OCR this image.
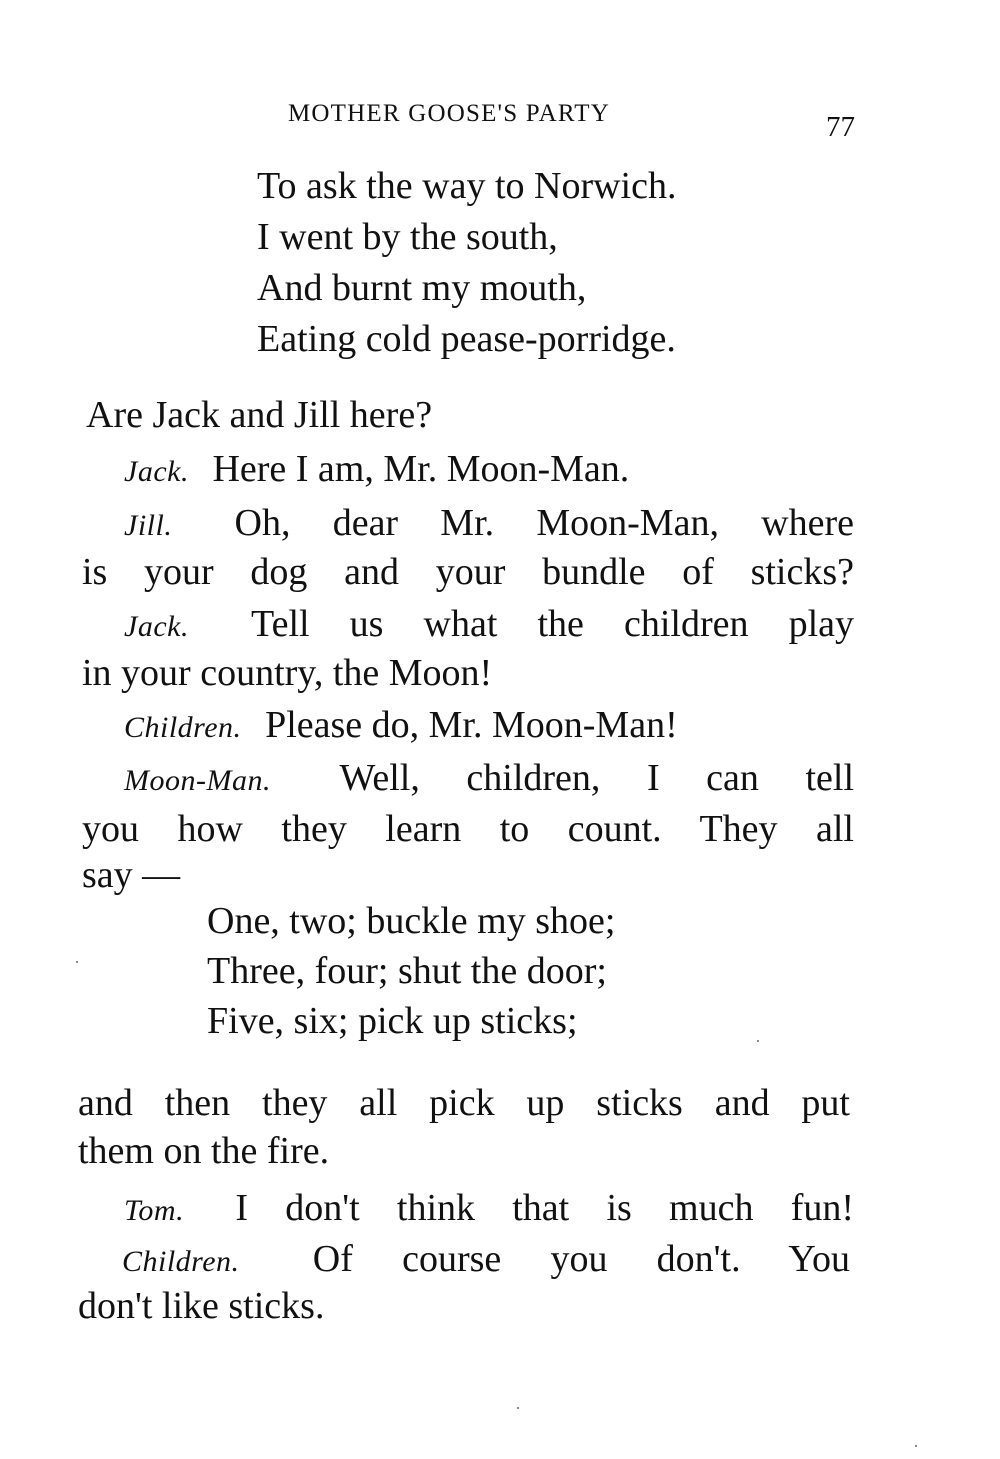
MOTHER GOOSE'S PARTY	77
To ask the way to Norwich.
I went by the south,
And burnt my mouth,
Eating cold pease-porridge.
Are Jack and Jill here?
Jack. Here I am, Mr. Moon-Man.
Jill. Oh, dear Mr. Moon-Man, where
is your dog and your bundle of sticks?
Jack. Tell us what the children play
in your country, the Moon!
Children. Please do, Mr. Moon-Man!
Moon-Man. Well, children, I can tell
you how they learn to count. They all
say —
One, two; buckle my shoe;
Three, four; shut the door;
Five, six; pick up sticks;
and then they all pick up sticks and put
them on the fire.
Tom. I don't think that is much fun!
Children. Of course you don't. You
don't like sticks.
